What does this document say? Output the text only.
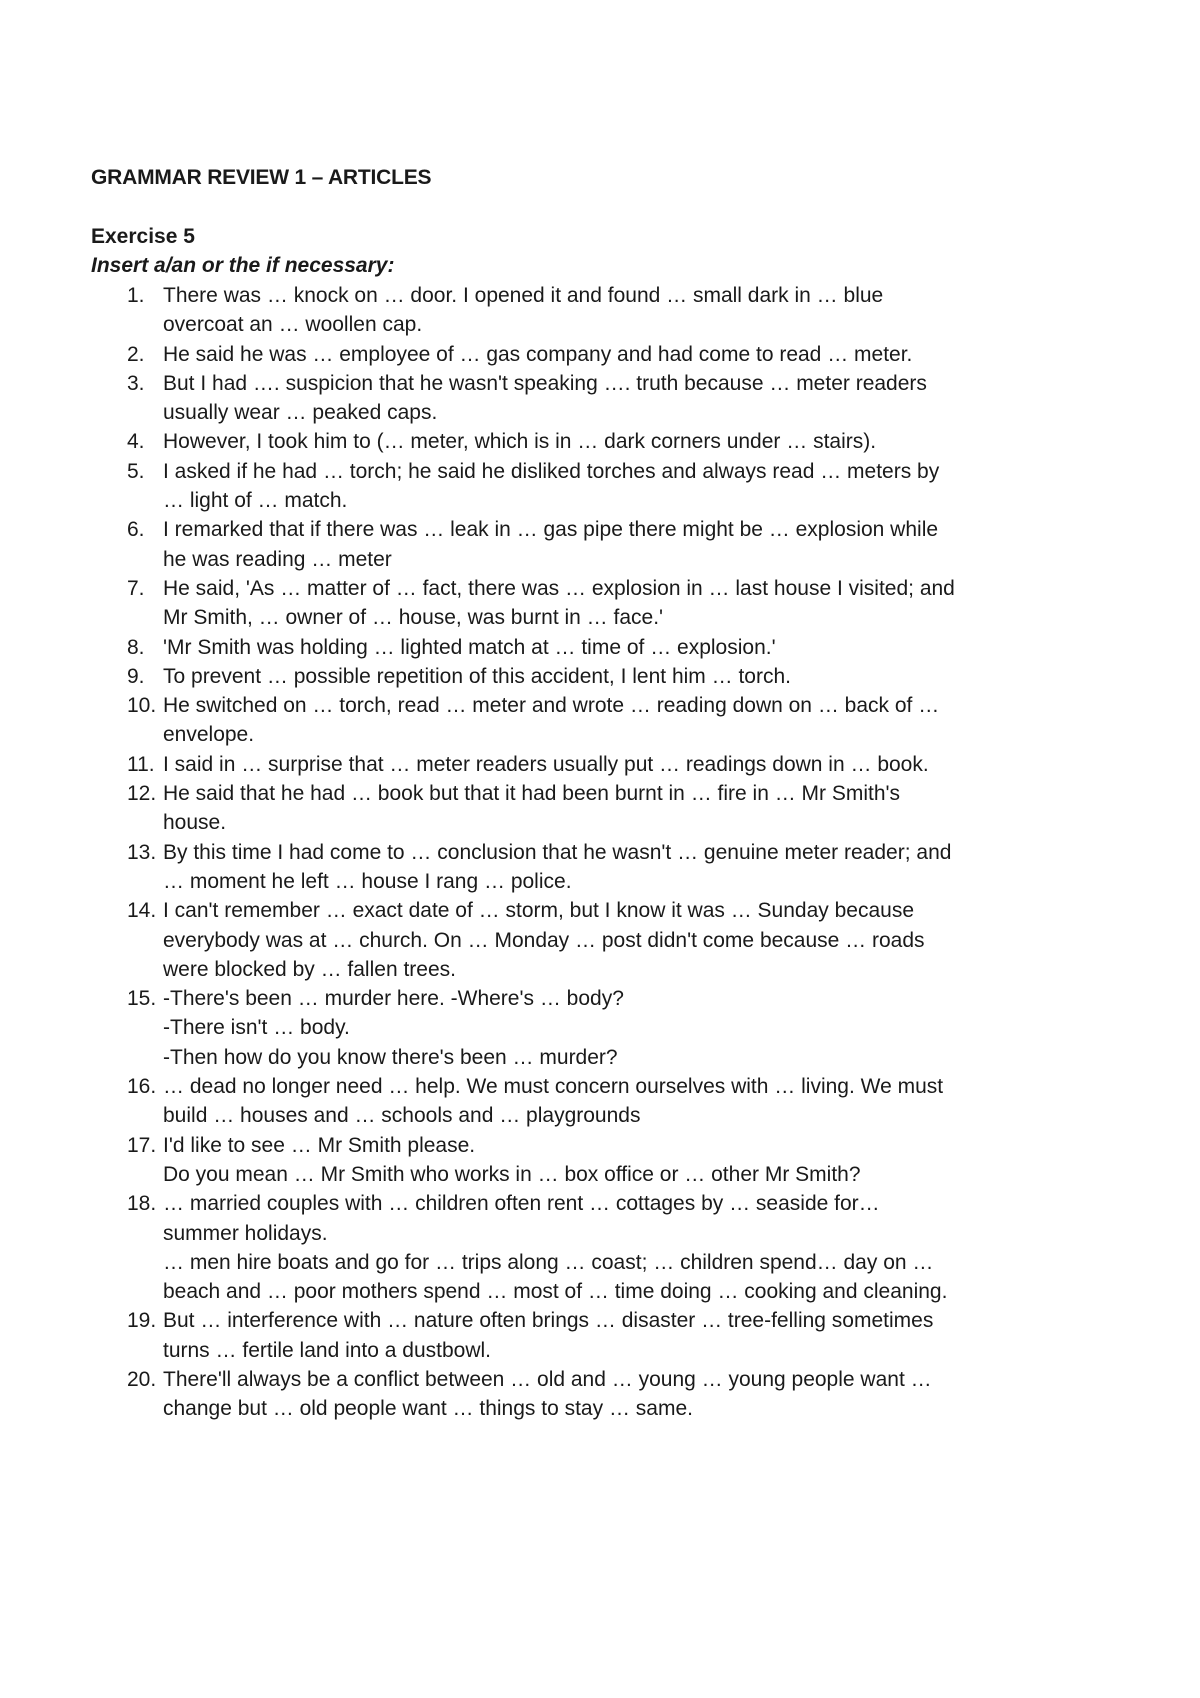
GRAMMAR REVIEW 1 – ARTICLES
Exercise 5
Insert a/an or the if necessary:
1. There was … knock on … door. I opened it and found … small dark in … blue
overcoat an … woollen cap.
2. He said he was … employee of … gas company and had come to read … meter.
3. But I had …. suspicion that he wasn't speaking …. truth because … meter readers
usually wear … peaked caps.
4. However, I took him to (… meter, which is in … dark corners under … stairs).
5. I asked if he had … torch; he said he disliked torches and always read … meters by
… light of … match.
6. I remarked that if there was … leak in … gas pipe there might be … explosion while
he was reading … meter
7. He said, 'As … matter of … fact, there was … explosion in … last house I visited; and
Mr Smith, … owner of … house, was burnt in … face.'
8. 'Mr Smith was holding … lighted match at … time of … explosion.'
9. To prevent … possible repetition of this accident, I lent him … torch.
10. He switched on … torch, read … meter and wrote … reading down on … back of …
envelope.
11. I said in … surprise that … meter readers usually put … readings down in … book.
12. He said that he had … book but that it had been burnt in … fire in … Mr Smith's
house.
13. By this time I had come to … conclusion that he wasn't … genuine meter reader; and
… moment he left … house I rang … police.
14. I can't remember … exact date of … storm, but I know it was … Sunday because
everybody was at … church. On … Monday … post didn't come because … roads
were blocked by … fallen trees.
15. -There's been … murder here. -Where's … body?
-There isn't … body.
-Then how do you know there's been … murder?
16. … dead no longer need … help. We must concern ourselves with … living. We must
build … houses and … schools and … playgrounds
17. I'd like to see … Mr Smith please.
Do you mean … Mr Smith who works in … box office or … other Mr Smith?
18. … married couples with … children often rent … cottages by … seaside for…
summer holidays.
… men hire boats and go for … trips along … coast; … children spend… day on …
beach and … poor mothers spend … most of … time doing … cooking and cleaning.
19. But … interference with … nature often brings … disaster … tree-felling sometimes
turns … fertile land into a dustbowl.
20. There'll always be a conflict between … old and … young … young people want …
change but … old people want … things to stay … same.
